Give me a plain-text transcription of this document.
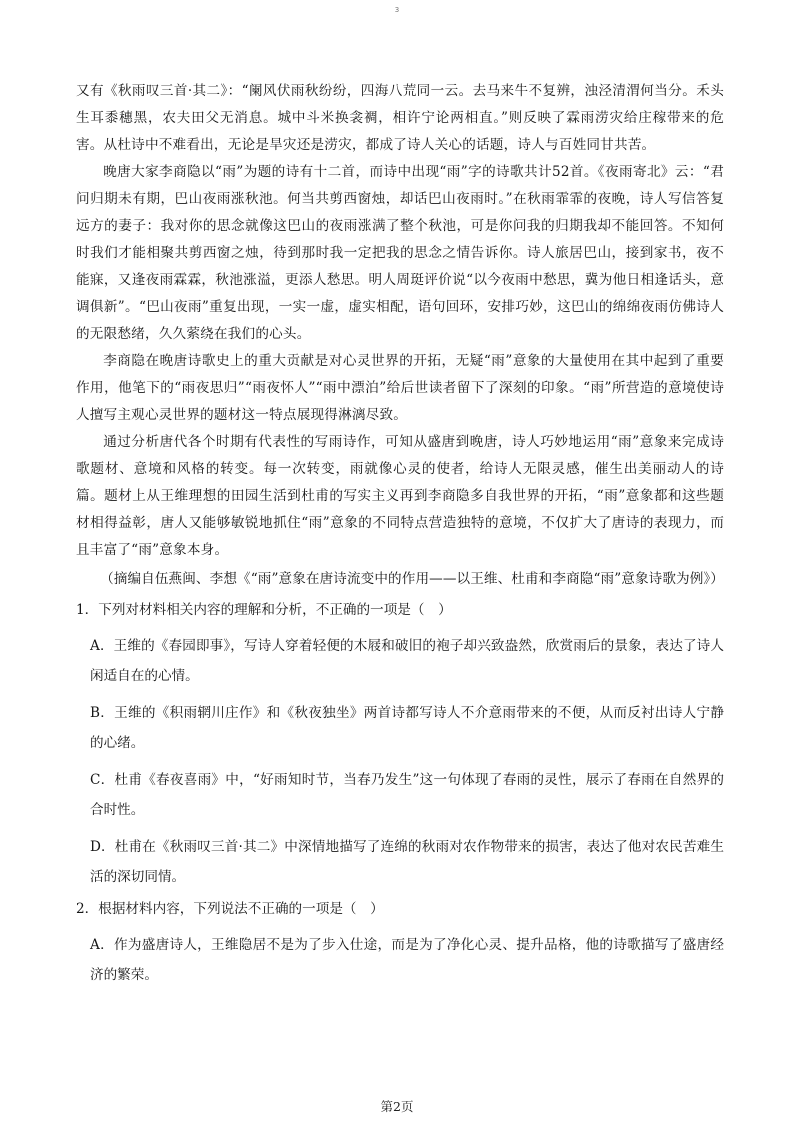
3

又有《秋雨叹三首·其二》：“阑风伏雨秋纷纷，四海八荒同一云。去马来牛不复辨，浊泾清渭何当分。禾头生耳黍穗黑，农夫田父无消息。城中斗米换衾裯，相许宁论两相直。”则反映了霖雨涝灾给庄稼带来的危害。从杜诗中不难看出，无论是旱灾还是涝灾，都成了诗人关心的话题，诗人与百姓同甘共苦。

晚唐大家李商隐以“雨”为题的诗有十二首，而诗中出现“雨”字的诗歌共计52首。《夜雨寄北》云：“君问归期未有期，巴山夜雨涨秋池。何当共剪西窗烛，却话巴山夜雨时。”在秋雨霏霏的夜晚，诗人写信答复远方的妻子：我对你的思念就像这巴山的夜雨涨满了整个秋池，可是你问我的归期我却不能回答。不知何时我们才能相聚共剪西窗之烛，待到那时我一定把我的思念之情告诉你。诗人旅居巴山，接到家书，夜不能寐，又逢夜雨霖霖，秋池涨溢，更添人愁思。明人周珽评价说“以今夜雨中愁思，冀为他日相逢话头，意调俱新”。“巴山夜雨”重复出现，一实一虚，虚实相配，语句回环，安排巧妙，这巴山的绵绵夜雨仿佛诗人的无限愁绪，久久萦绕在我们的心头。

李商隐在晚唐诗歌史上的重大贡献是对心灵世界的开拓，无疑“雨”意象的大量使用在其中起到了重要作用，他笔下的“雨夜思归”“雨夜怀人”“雨中漂泊”给后世读者留下了深刻的印象。“雨”所营造的意境使诗人擅写主观心灵世界的题材这一特点展现得淋漓尽致。

通过分析唐代各个时期有代表性的写雨诗作，可知从盛唐到晚唐，诗人巧妙地运用“雨”意象来完成诗歌题材、意境和风格的转变。每一次转变，雨就像心灵的使者，给诗人无限灵感，催生出美丽动人的诗篇。题材上从王维理想的田园生活到杜甫的写实主义再到李商隐多自我世界的开拓，“雨”意象都和这些题材相得益彰，唐人又能够敏锐地抓住“雨”意象的不同特点营造独特的意境，不仅扩大了唐诗的表现力，而且丰富了“雨”意象本身。

（摘编自伍燕闽、李想《“雨”意象在唐诗流变中的作用——以王维、杜甫和李商隐“雨”意象诗歌为例》）

1．下列对材料相关内容的理解和分析，不正确的一项是（　）

A．王维的《春园即事》，写诗人穿着轻便的木屐和破旧的袍子却兴致盎然，欣赏雨后的景象，表达了诗人闲适自在的心情。

B．王维的《积雨辋川庄作》和《秋夜独坐》两首诗都写诗人不介意雨带来的不便，从而反衬出诗人宁静的心绪。

C．杜甫《春夜喜雨》中，“好雨知时节，当春乃发生”这一句体现了春雨的灵性，展示了春雨在自然界的合时性。

D．杜甫在《秋雨叹三首·其二》中深情地描写了连绵的秋雨对农作物带来的损害，表达了他对农民苦难生活的深切同情。

2．根据材料内容，下列说法不正确的一项是（　）

A．作为盛唐诗人，王维隐居不是为了步入仕途，而是为了净化心灵、提升品格，他的诗歌描写了盛唐经济的繁荣。

第2页
